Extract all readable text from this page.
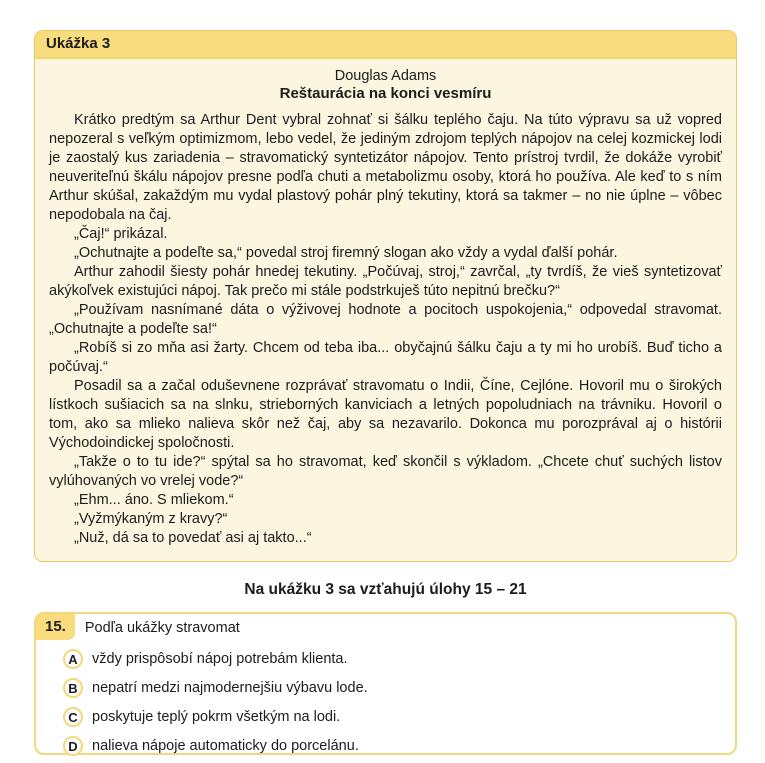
Ukážka 3
Douglas Adams
Reštaurácia na konci vesmíru

Krátko predtým sa Arthur Dent vybral zohnať si šálku teplého čaju. Na túto výpravu sa už vopred nepozeral s veľkým optimizmom, lebo vedel, že jediným zdrojom teplých nápojov na celej kozmickej lodi je zaostalý kus zariadenia – stravomatický syntetizátor nápojov. Tento prístroj tvrdil, že dokáže vyrobiť neuveriteľnú škálu nápojov presne podľa chuti a metabolizmu osoby, ktorá ho používa. Ale keď to s ním Arthur skúšal, zakaždým mu vydal plastový pohár plný tekutiny, ktorá sa takmer – no nie úplne – vôbec nepodobala na čaj.

„Čaj!“ prikázal.

„Ochutnajte a podeľte sa,“ povedal stroj firemný slogan ako vždy a vydal ďalší pohár.

Arthur zahodil šiesty pohár hnedej tekutiny. „Počúvaj, stroj,“ zavrčal, „ty tvrdíš, že vieš syntetizovať akýkoľvek existujúci nápoj. Tak prečo mi stále podstrkuješ túto nepitnú brečku?“

„Používam nasnímané dáta o výživovej hodnote a pocitoch uspokojenia,“ odpovedal stravomat. „Ochutnajte a podeľte sa!“

„Robíš si zo mňa asi žarty. Chcem od teba iba... obyčajnú šálku čaju a ty mi ho urobíš. Buď ticho a počúvaj.“

Posadil sa a začal oduševnene rozprávať stravomatu o Indii, Číne, Cejlóne. Hovoril mu o širokých lístkoch sušiacich sa na slnku, strieborných kanviciach a letných popoludniach na trávniku. Hovoril o tom, ako sa mlieko nalieva skôr než čaj, aby sa nezavarilo. Dokonca mu porozprával aj o histórii Východoindickej spoločnosti.

„Takže o to tu ide?“ spýtal sa ho stravomat, keď skončil s výkladom. „Chcete chuť suchých listov vylúhovaných vo vrelej vode?“

„Ehm... áno. S mliekom.“

„Vyžmýkaným z kravy?“

„Nuž, dá sa to povedať asi aj takto...“

Na ukážku 3 sa vzťahujú úlohy 15 – 21
15.	Podľa ukážky stravomat
A vždy prispôsobí nápoj potrebám klienta.
B nepatrí medzi najmodernejšiu výbavu lode.
C poskytuje teplý pokrm všetkým na lodi.
D nalieva nápoje automaticky do porcelánu.
